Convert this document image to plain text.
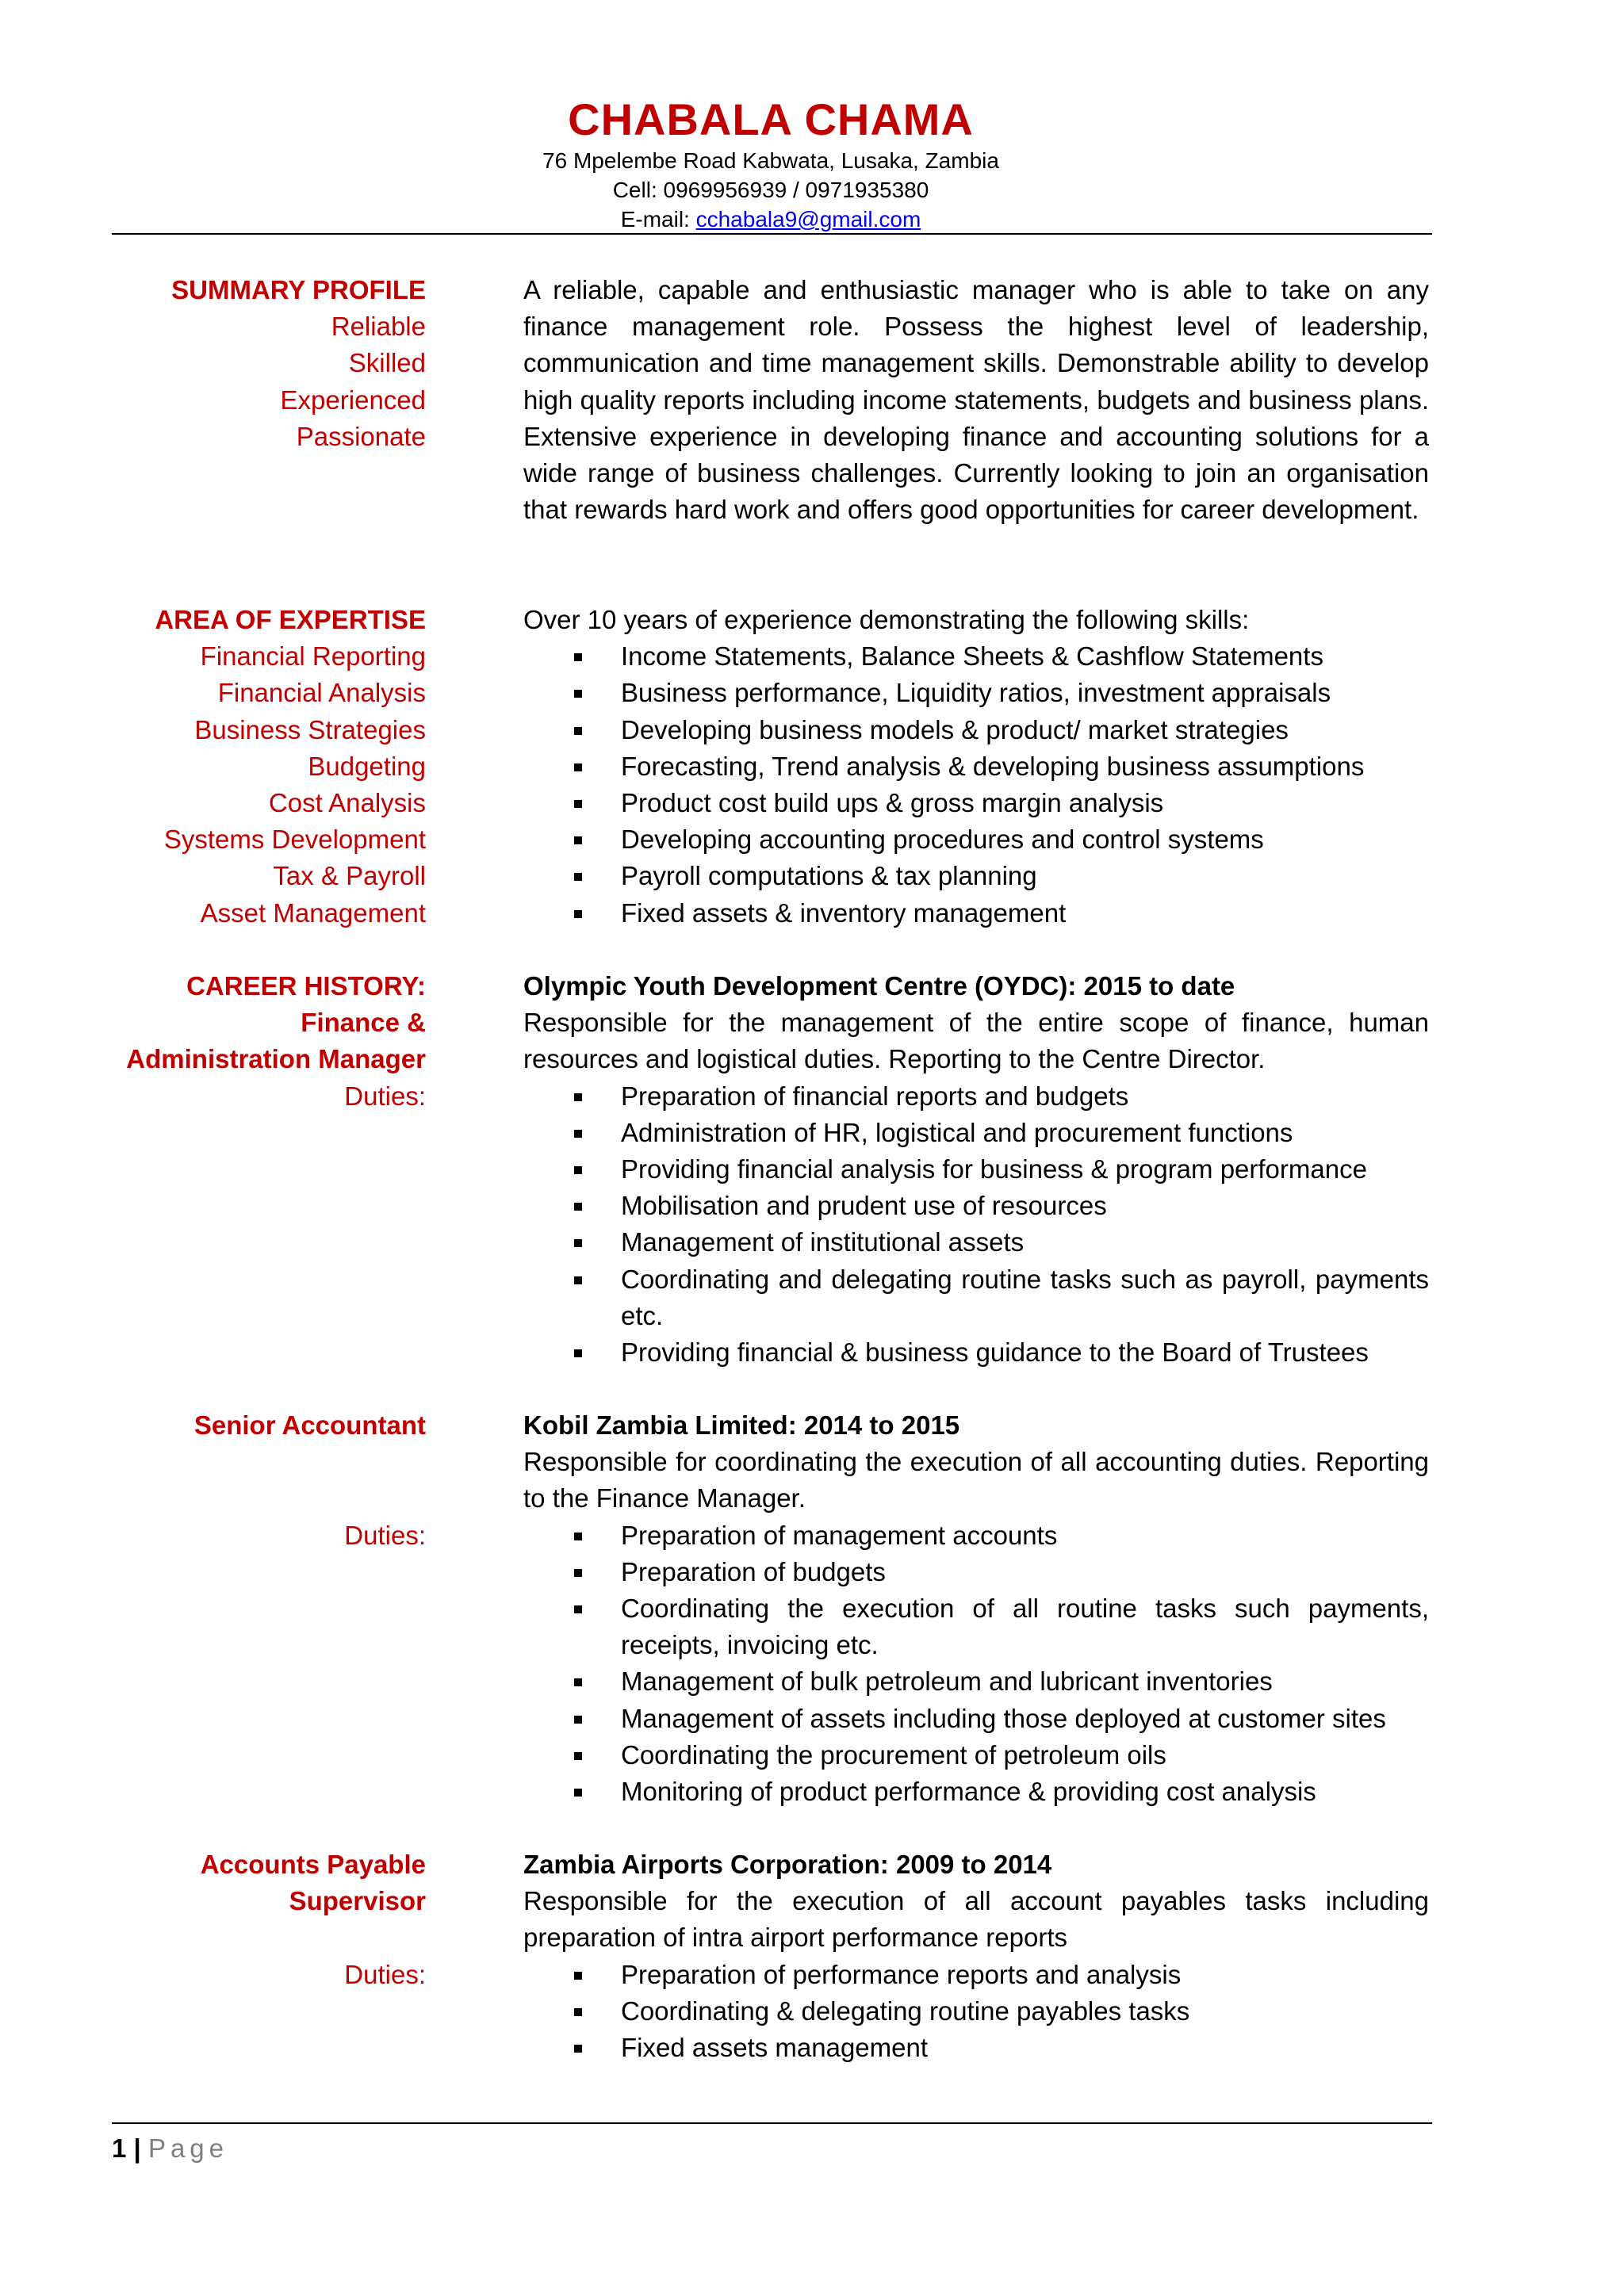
CHABALA CHAMA
76 Mpelembe Road Kabwata, Lusaka, Zambia
Cell: 0969956939 / 0971935380
E-mail: cchabala9@gmail.com
SUMMARY PROFILE
Reliable
Skilled
Experienced
Passionate

A reliable, capable and enthusiastic manager who is able to take on any finance management role. Possess the highest level of leadership, communication and time management skills. Demonstrable ability to develop high quality reports including income statements, budgets and business plans. Extensive experience in developing finance and accounting solutions for a wide range of business challenges. Currently looking to join an organisation that rewards hard work and offers good opportunities for career development.

AREA OF EXPERTISE
Financial Reporting
Financial Analysis
Business Strategies
Budgeting
Cost Analysis
Systems Development
Tax & Payroll
Asset Management

Over 10 years of experience demonstrating the following skills:

Income Statements, Balance Sheets & Cashflow Statements
Business performance, Liquidity ratios, investment appraisals
Developing business models & product/ market strategies
Forecasting, Trend analysis & developing business assumptions
Product cost build ups & gross margin analysis
Developing accounting procedures and control systems
Payroll computations & tax planning
Fixed assets & inventory management
CAREER HISTORY:
Finance &
Administration Manager
Duties:

Olympic Youth Development Centre (OYDC): 2015 to date

Responsible for the management of the entire scope of finance, human resources and logistical duties. Reporting to the Centre Director.

Preparation of financial reports and budgets
Administration of HR, logistical and procurement functions
Providing financial analysis for business & program performance
Mobilisation and prudent use of resources
Management of institutional assets
Coordinating and delegating routine tasks such as payroll, payments etc.
Providing financial & business guidance to the Board of Trustees
Senior Accountant
Duties:

Kobil Zambia Limited: 2014 to 2015

Responsible for coordinating the execution of all accounting duties. Reporting to the Finance Manager.

Preparation of management accounts
Preparation of budgets
Coordinating the execution of all routine tasks such payments, receipts, invoicing etc.
Management of bulk petroleum and lubricant inventories
Management of assets including those deployed at customer sites
Coordinating the procurement of petroleum oils
Monitoring of product performance & providing cost analysis
Accounts Payable
Supervisor
Duties:

Zambia Airports Corporation: 2009 to 2014

Responsible for the execution of all account payables tasks including preparation of intra airport performance reports

Preparation of performance reports and analysis
Coordinating & delegating routine payables tasks
Fixed assets management
1 | Page
